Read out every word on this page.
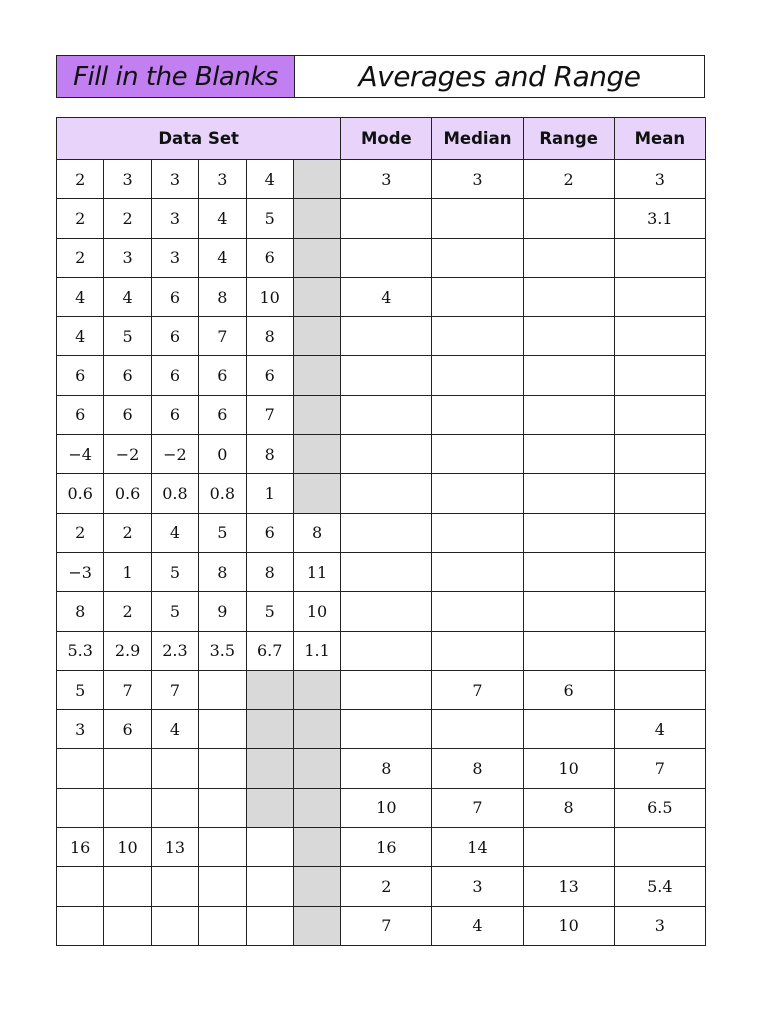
Fill in the Blanks	Averages and Range
Data Set						Mode	Median	Range	Mean
2	3	3	3	4		3	3	2	3
2	2	3	4	5					3.1
2	3	3	4	6					
4	4	6	8	10		4			
4	5	6	7	8					
6	6	6	6	6					
6	6	6	6	7					
−4	−2	−2	0	8					
0.6	0.6	0.8	0.8	1					
2	2	4	5	6	8				
−3	1	5	8	8	11				
8	2	5	9	5	10				
5.3	2.9	2.3	3.5	6.7	1.1				
5	7	7					7	6	
3	6	4							4
						8	8	10	7
						10	7	8	6.5
16	10	13				16	14		
						2	3	13	5.4
						7	4	10	3
